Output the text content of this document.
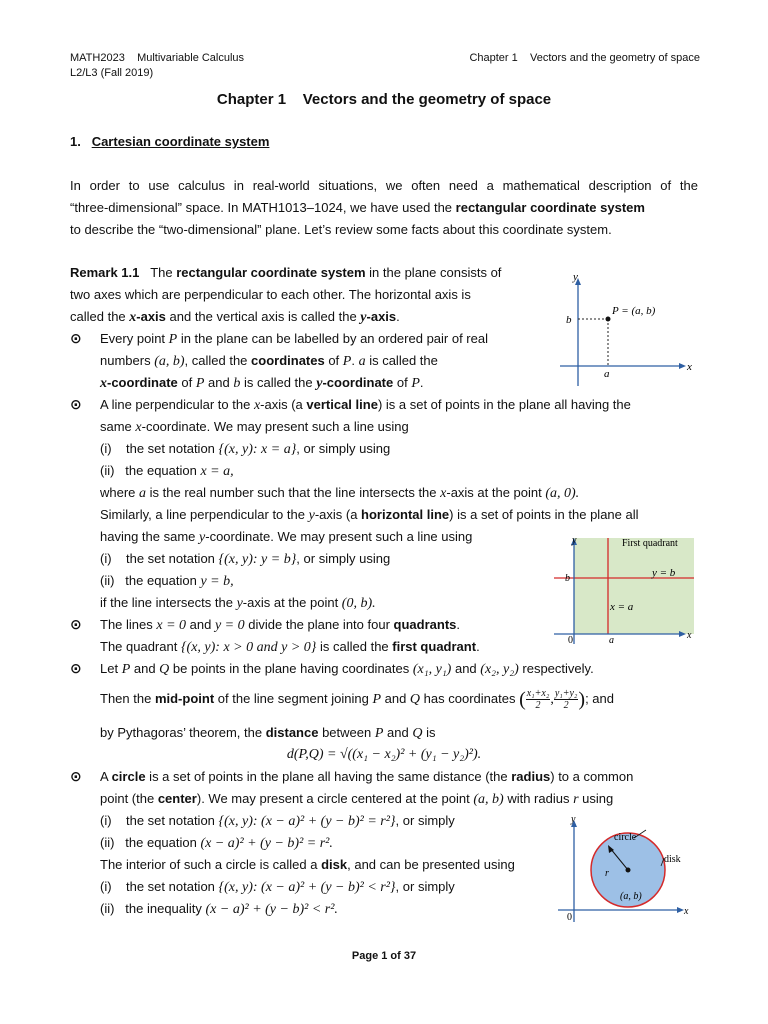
MATH2023 Multivariable Calculus
L2/L3 (Fall 2019)
Chapter 1 Vectors and the geometry of space
Chapter 1 Vectors and the geometry of space
1. Cartesian coordinate system
In order to use calculus in real-world situations, we often need a mathematical description of the
“three-dimensional” space. In MATH1013–1024, we have used the rectangular coordinate system
to describe the “two-dimensional” plane. Let’s review some facts about this coordinate system.
Remark 1.1 The rectangular coordinate system in the plane consists of
two axes which are perpendicular to each other. The horizontal axis is
called the x-axis and the vertical axis is called the y-axis.
⊙ Every point P in the plane can be labelled by an ordered pair of real
numbers (a, b), called the coordinates of P. a is called the
x-coordinate of P and b is called the y-coordinate of P.
y
x
b
a
P = (a, b)
⊙ A line perpendicular to the x-axis (a vertical line) is a set of points in the plane all having the
same x-coordinate. We may present such a line using
(i) the set notation {(x, y): x = a}, or simply using
(ii) the equation x = a,
where a is the real number such that the line intersects the x-axis at the point (a, 0).
Similarly, a line perpendicular to the y-axis (a horizontal line) is a set of points in the plane all
having the same y-coordinate. We may present such a line using
(i) the set notation {(x, y): y = b}, or simply using
(ii) the equation y = b,
if the line intersects the y-axis at the point (0, b).
y
x
First quadrant
y = b
x = a
b
a
0
⊙ The lines x = 0 and y = 0 divide the plane into four quadrants.
The quadrant {(x, y): x > 0 and y > 0} is called the first quadrant.
⊙ Let P and Q be points in the plane having coordinates (x₁, y₁) and (x₂, y₂) respectively.
Then the mid-point of the line segment joining P and Q has coordinates ( $\frac{\text{x₁+x₂}}{2}$ , $\frac{\text{y₁+y₂}}{2}$ ); and
by Pythagoras’ theorem, the distance between P and Q is
d(P,Q) = √((x₁ − x₂)² + (y₁ − y₂)²).
⊙ A circle is a set of points in the plane all having the same distance (the radius) to a common
point (the center). We may present a circle centered at the point (a, b) with radius r using
(i) the set notation {(x, y): (x − a)² + (y − b)² = r²}, or simply
(ii) the equation (x − a)² + (y − b)² = r².
The interior of such a circle is called a disk, and can be presented using
(i) the set notation {(x, y): (x − a)² + (y − b)² < r²}, or simply
(ii) the inequality (x − a)² + (y − b)² < r².
y
x
0
circle
disk
r
(a, b)
Page 1 of 37
